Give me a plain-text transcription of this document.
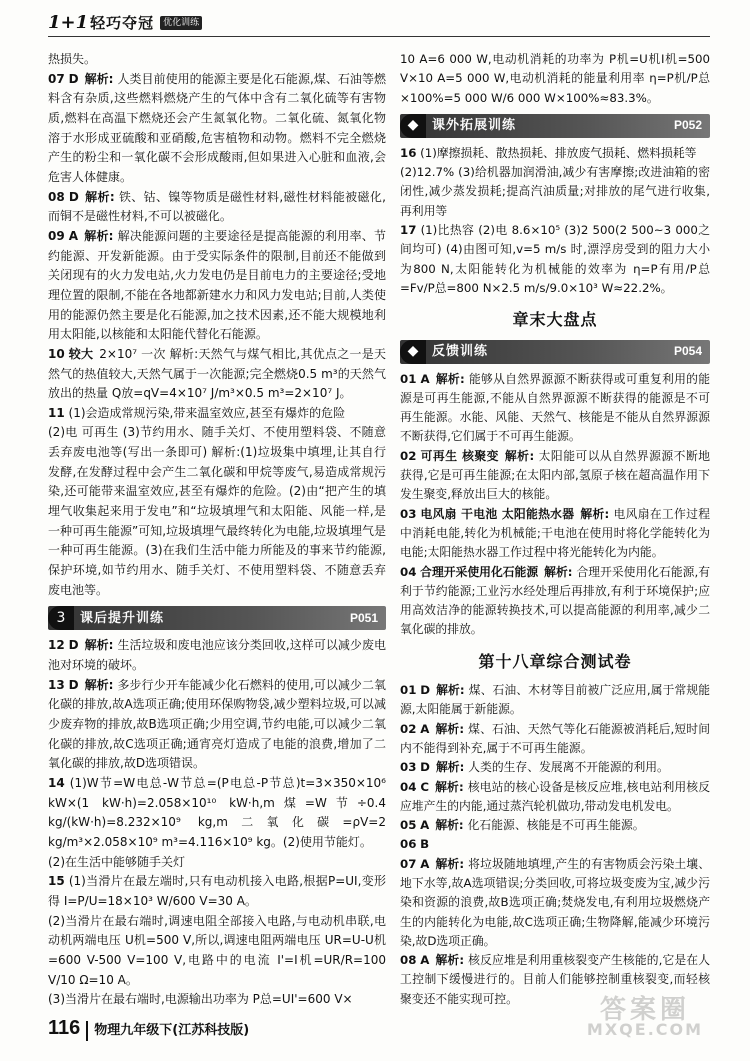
1+1 轻巧夺冠	优化训练

热损失。

07 D 解析: 人类目前使用的能源主要是化石能源,煤、石油等燃料含有杂质,这些燃料燃烧产生的气体中含有二氧化硫等有害物质,燃料在高温下燃烧还会产生氮氧化物。二氧化硫、氮氧化物溶于水形成亚硫酸和亚硝酸,危害植物和动物。燃料不完全燃烧产生的粉尘和一氧化碳不会形成酸雨,但如果进入心脏和血液,会危害人体健康。

08 D 解析: 铁、钴、镍等物质是磁性材料,磁性材料能被磁化,而铜不是磁性材料,不可以被磁化。

09 A 解析: 解决能源问题的主要途径是提高能源的利用率、节约能源、开发新能源。由于受实际条件的限制,目前还不能做到关闭现有的火力发电站,火力发电仍是目前电力的主要途径;受地理位置的限制,不能在各地都新建水力和风力发电站;目前,人类使用的能源仍然主要是化石能源,加之技术因素,还不能大规模地利用太阳能,以核能和太阳能代替化石能源。

10 较大 2×10⁷ 一次 解析:天然气与煤气相比,其优点之一是天然气的热值较大,天然气属于一次能源;完全燃烧0.5 m³的天然气放出的热量 Q放=qV=4×10⁷ J/m³×0.5 m³=2×10⁷ J。

11 (1)会造成常规污染,带来温室效应,甚至有爆炸的危险

(2)电 可再生 (3)节约用水、随手关灯、不使用塑料袋、不随意丢弃废电池等(写出一条即可) 解析:(1)垃圾集中填埋,让其自行发酵,在发酵过程中会产生二氧化碳和甲烷等废气,易造成常规污染,还可能带来温室效应,甚至有爆炸的危险。(2)由“把产生的填埋气收集起来用于发电”和“垃圾填埋气和太阳能、风能一样,是一种可再生能源”可知,垃圾填埋气最终转化为电能,垃圾填埋气是一种可再生能源。(3)在我们生活中能力所能及的事来节约能源,保护环境,如节约用水、随手关灯、不使用塑料袋、不随意丢弃废电池等。

3	课后提升训练	P051

12 D 解析: 生活垃圾和废电池应该分类回收,这样可以减少废电池对环境的破坏。

13 D 解析: 多步行少开车能减少化石燃料的使用,可以减少二氧化碳的排放,故A选项正确;使用环保购物袋,减少塑料垃圾,可以减少废弃物的排放,故B选项正确;少用空调,节约电能,可以减少二氧化碳的排放,故C选项正确;通宵亮灯造成了电能的浪费,增加了二氧化碳的排放,故D选项错误。

14 (1)W节=W电总-W节总=(P电总-P节总)t=3×350×10⁶ kW×(1 kW·h)=2.058×10¹⁰ kW·h,m煤=W节÷0.4 kg/(kW·h)=8.232×10⁹ kg,m二氧化碳=ρV=2 kg/m³×2.058×10⁹ m³=4.116×10⁹ kg。(2)使用节能灯。

(2)在生活中能够随手关灯

15 (1)当滑片在最左端时,只有电动机接入电路,根据P=UI,变形得 I=P/U=18×10³ W/600 V=30 A。

(2)当滑片在最右端时,调速电阻全部接入电路,与电动机串联,电动机两端电压 U机=500 V,所以,调速电阻两端电压 UR=U-U机=600 V-500 V=100 V,电路中的电流 I'=I机=UR/R=100 V/10 Ω=10 A。

(3)当滑片在最右端时,电源输出功率为 P总=UI'=600 V×

10 A=6 000 W,电动机消耗的功率为 P机=U机I机=500 V×10 A=5 000 W,电动机消耗的能量利用率 η=P机/P总×100%=5 000 W/6 000 W×100%≈83.3%。

◆	课外拓展训练	P052

16 (1)摩擦损耗、散热损耗、排放废气损耗、燃料损耗等

(2)12.7% (3)给机器加润滑油,减少有害摩擦;改进油箱的密闭性,减少蒸发损耗;提高汽油质量;对排放的尾气进行收集,再利用等

17 (1)比热容 (2)电 8.6×10⁵ (3)2 500(2 500~3 000之间均可) (4)由图可知,v=5 m/s 时,漂浮房受到的阻力大小为800 N,太阳能转化为机械能的效率为 η=P有用/P总=Fv/P总=800 N×2.5 m/s/9.0×10³ W≈22.2%。

章末大盘点
◆	反馈训练	P054

01 A 解析: 能够从自然界源源不断获得或可重复利用的能源是可再生能源,不能从自然界源源不断获得的能源是不可再生能源。水能、风能、天然气、核能是不能从自然界源源不断获得,它们属于不可再生能源。

02 可再生 核聚变 解析: 太阳能可以从自然界源源不断地获得,它是可再生能源;在太阳内部,氢原子核在超高温作用下发生聚变,释放出巨大的核能。

03 电风扇 干电池 太阳能热水器 解析: 电风扇在工作过程中消耗电能,转化为机械能;干电池在使用时将化学能转化为电能;太阳能热水器工作过程中将光能转化为内能。

04 合理开采使用化石能源 解析: 合理开采使用化石能源,有利于节约能源;工业污水经处理后再排放,有利于环境保护;应用高效洁净的能源转换技术,可以提高能源的利用率,减少二氧化碳的排放。

第十八章综合测试卷

01 D 解析: 煤、石油、木材等目前被广泛应用,属于常规能源,太阳能属于新能源。

02 A 解析: 煤、石油、天然气等化石能源被消耗后,短时间内不能得到补充,属于不可再生能源。

03 D 解析: 人类的生存、发展离不开能源的利用。

04 C 解析: 核电站的核心设备是核反应堆,核电站利用核反应堆产生的内能,通过蒸汽轮机做功,带动发电机发电。

05 A 解析: 化石能源、核能是不可再生能源。

06 B

07 A 解析: 将垃圾随地填埋,产生的有害物质会污染土壤、地下水等,故A选项错误;分类回收,可将垃圾变废为宝,减少污染和资源的浪费,故B选项正确;焚烧发电,有利用垃圾燃烧产生的内能转化为电能,故C选项正确;生物降解,能减少环境污染,故D选项正确。

08 A 解析: 核反应堆是利用重核裂变产生核能的,它是在人工控制下缓慢进行的。目前人们能够控制重核裂变,而轻核聚变还不能实现可控。

116	物理九年级下(江苏科技版)
答案圈
MXQE.COM
